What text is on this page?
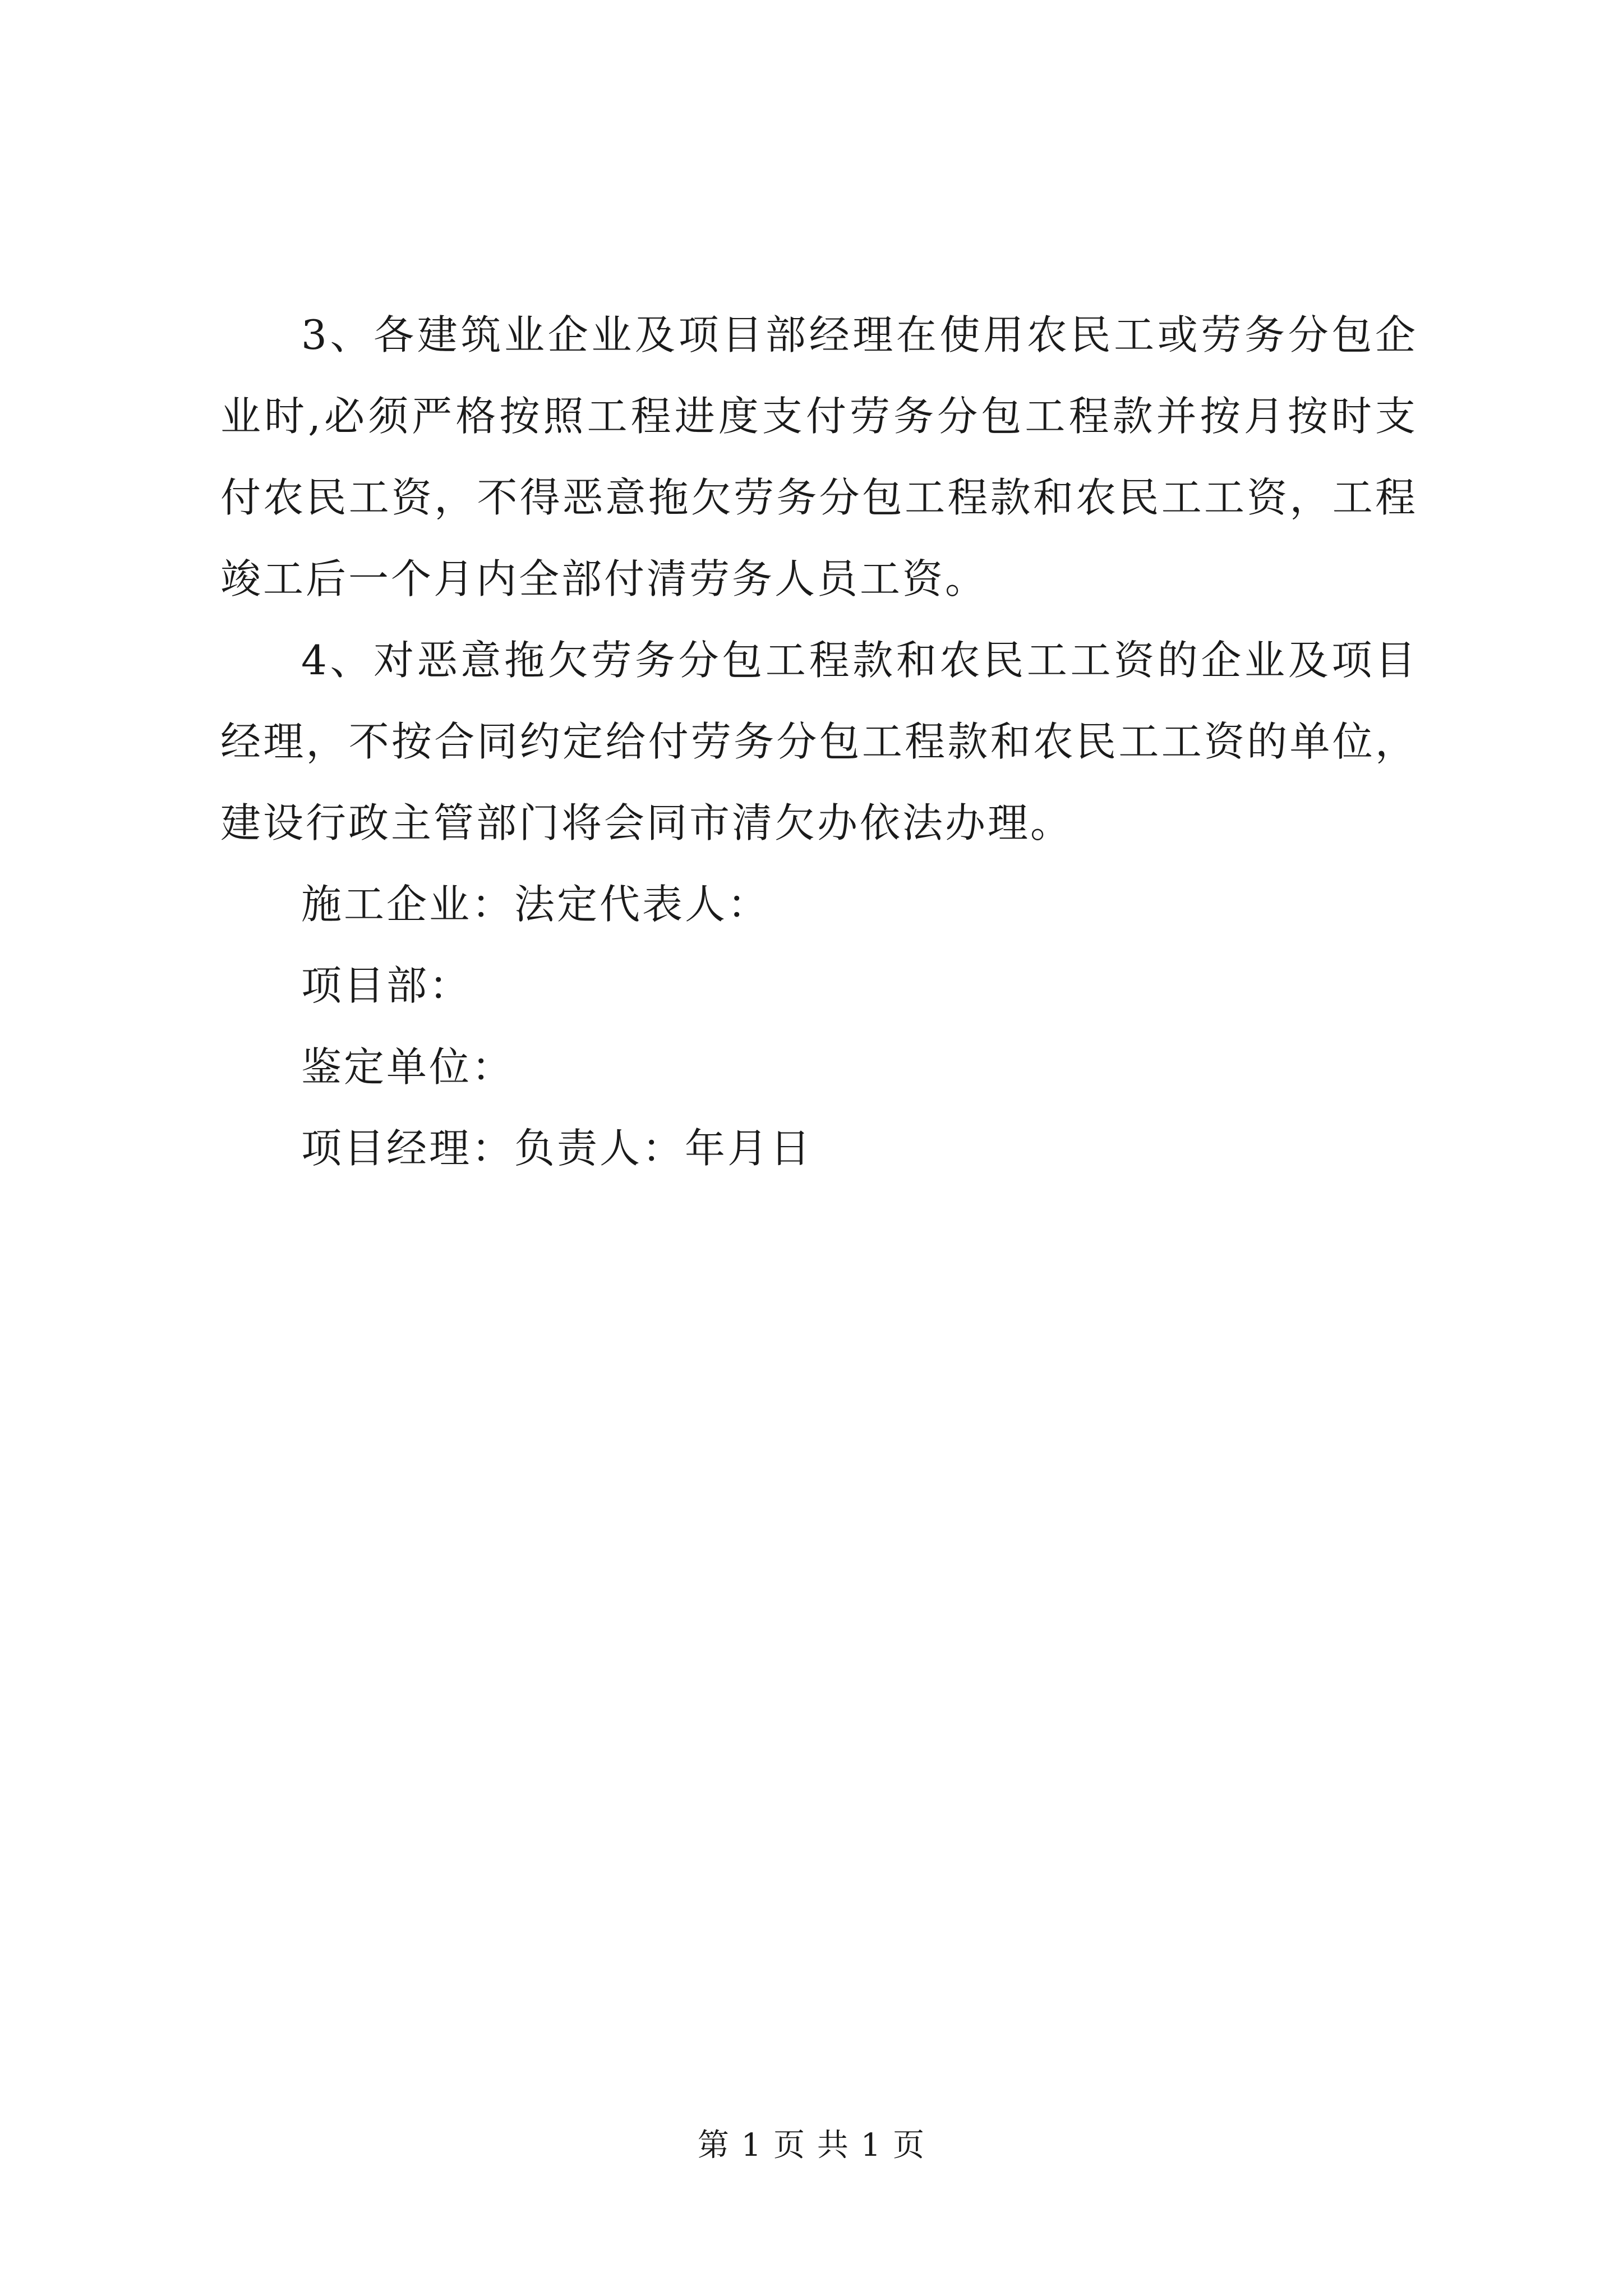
3、各建筑业企业及项目部经理在使用农民工或劳务分包企业时,必须严格按照工程进度支付劳务分包工程款并按月按时支付农民工资，不得恶意拖欠劳务分包工程款和农民工工资，工程竣工后一个月内全部付清劳务人员工资。

4、对恶意拖欠劳务分包工程款和农民工工资的企业及项目经理，不按合同约定给付劳务分包工程款和农民工工资的单位，建设行政主管部门将会同市清欠办依法办理。

施工企业：法定代表人：

项目部：

鉴定单位：

项目经理：负责人：年月日

第 1 页 共 1 页
